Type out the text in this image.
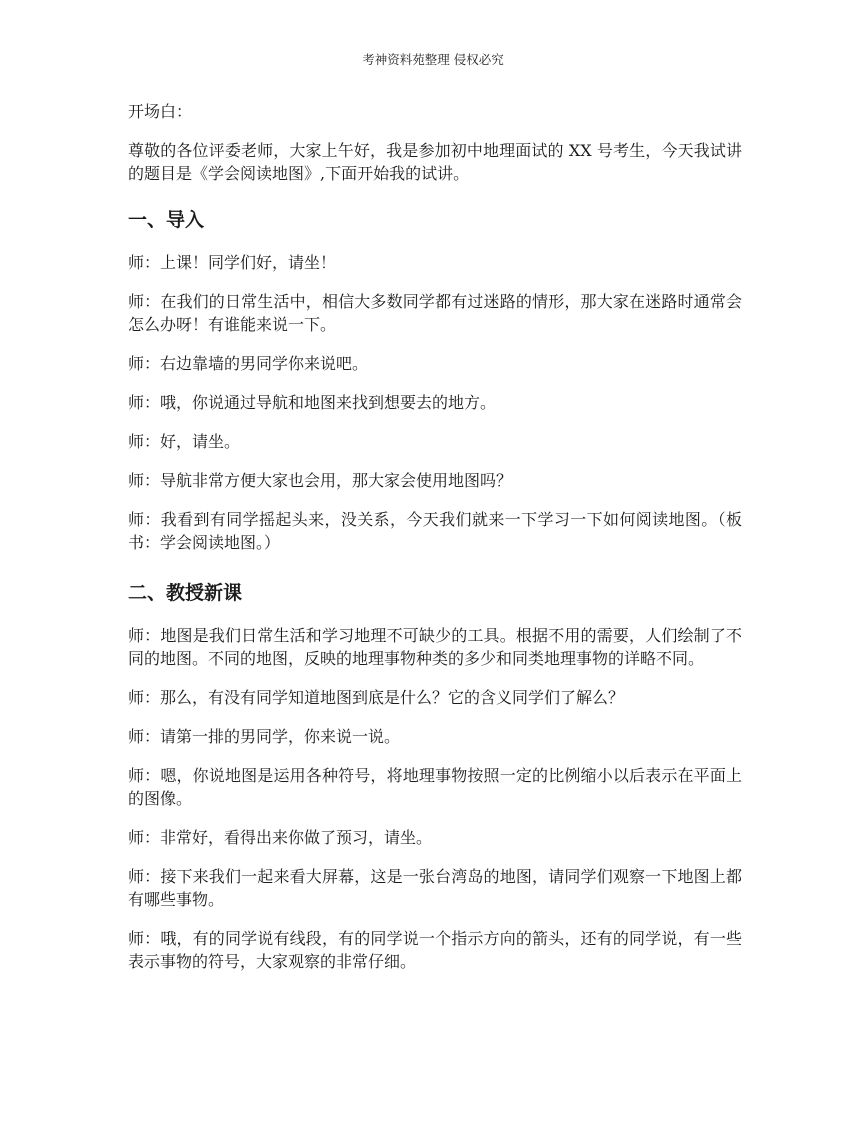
考神资料苑整理 侵权必究

开场白：

尊敬的各位评委老师，大家上午好，我是参加初中地理面试的 XX 号考生，今天我试讲的题目是《学会阅读地图》,下面开始我的试讲。

一、导入

师：上课！同学们好，请坐！

师：在我们的日常生活中，相信大多数同学都有过迷路的情形，那大家在迷路时通常会怎么办呀！有谁能来说一下。

师：右边靠墙的男同学你来说吧。

师：哦，你说通过导航和地图来找到想要去的地方。

师：好，请坐。

师：导航非常方便大家也会用，那大家会使用地图吗？

师：我看到有同学摇起头来，没关系，今天我们就来一下学习一下如何阅读地图。（板书：学会阅读地图。）

二、教授新课

师：地图是我们日常生活和学习地理不可缺少的工具。根据不用的需要，人们绘制了不同的地图。不同的地图，反映的地理事物种类的多少和同类地理事物的详略不同。

师：那么，有没有同学知道地图到底是什么？它的含义同学们了解么？

师：请第一排的男同学，你来说一说。

师：嗯，你说地图是运用各种符号，将地理事物按照一定的比例缩小以后表示在平面上的图像。

师：非常好，看得出来你做了预习，请坐。

师：接下来我们一起来看大屏幕，这是一张台湾岛的地图，请同学们观察一下地图上都有哪些事物。

师：哦，有的同学说有线段，有的同学说一个指示方向的箭头，还有的同学说，有一些表示事物的符号，大家观察的非常仔细。
